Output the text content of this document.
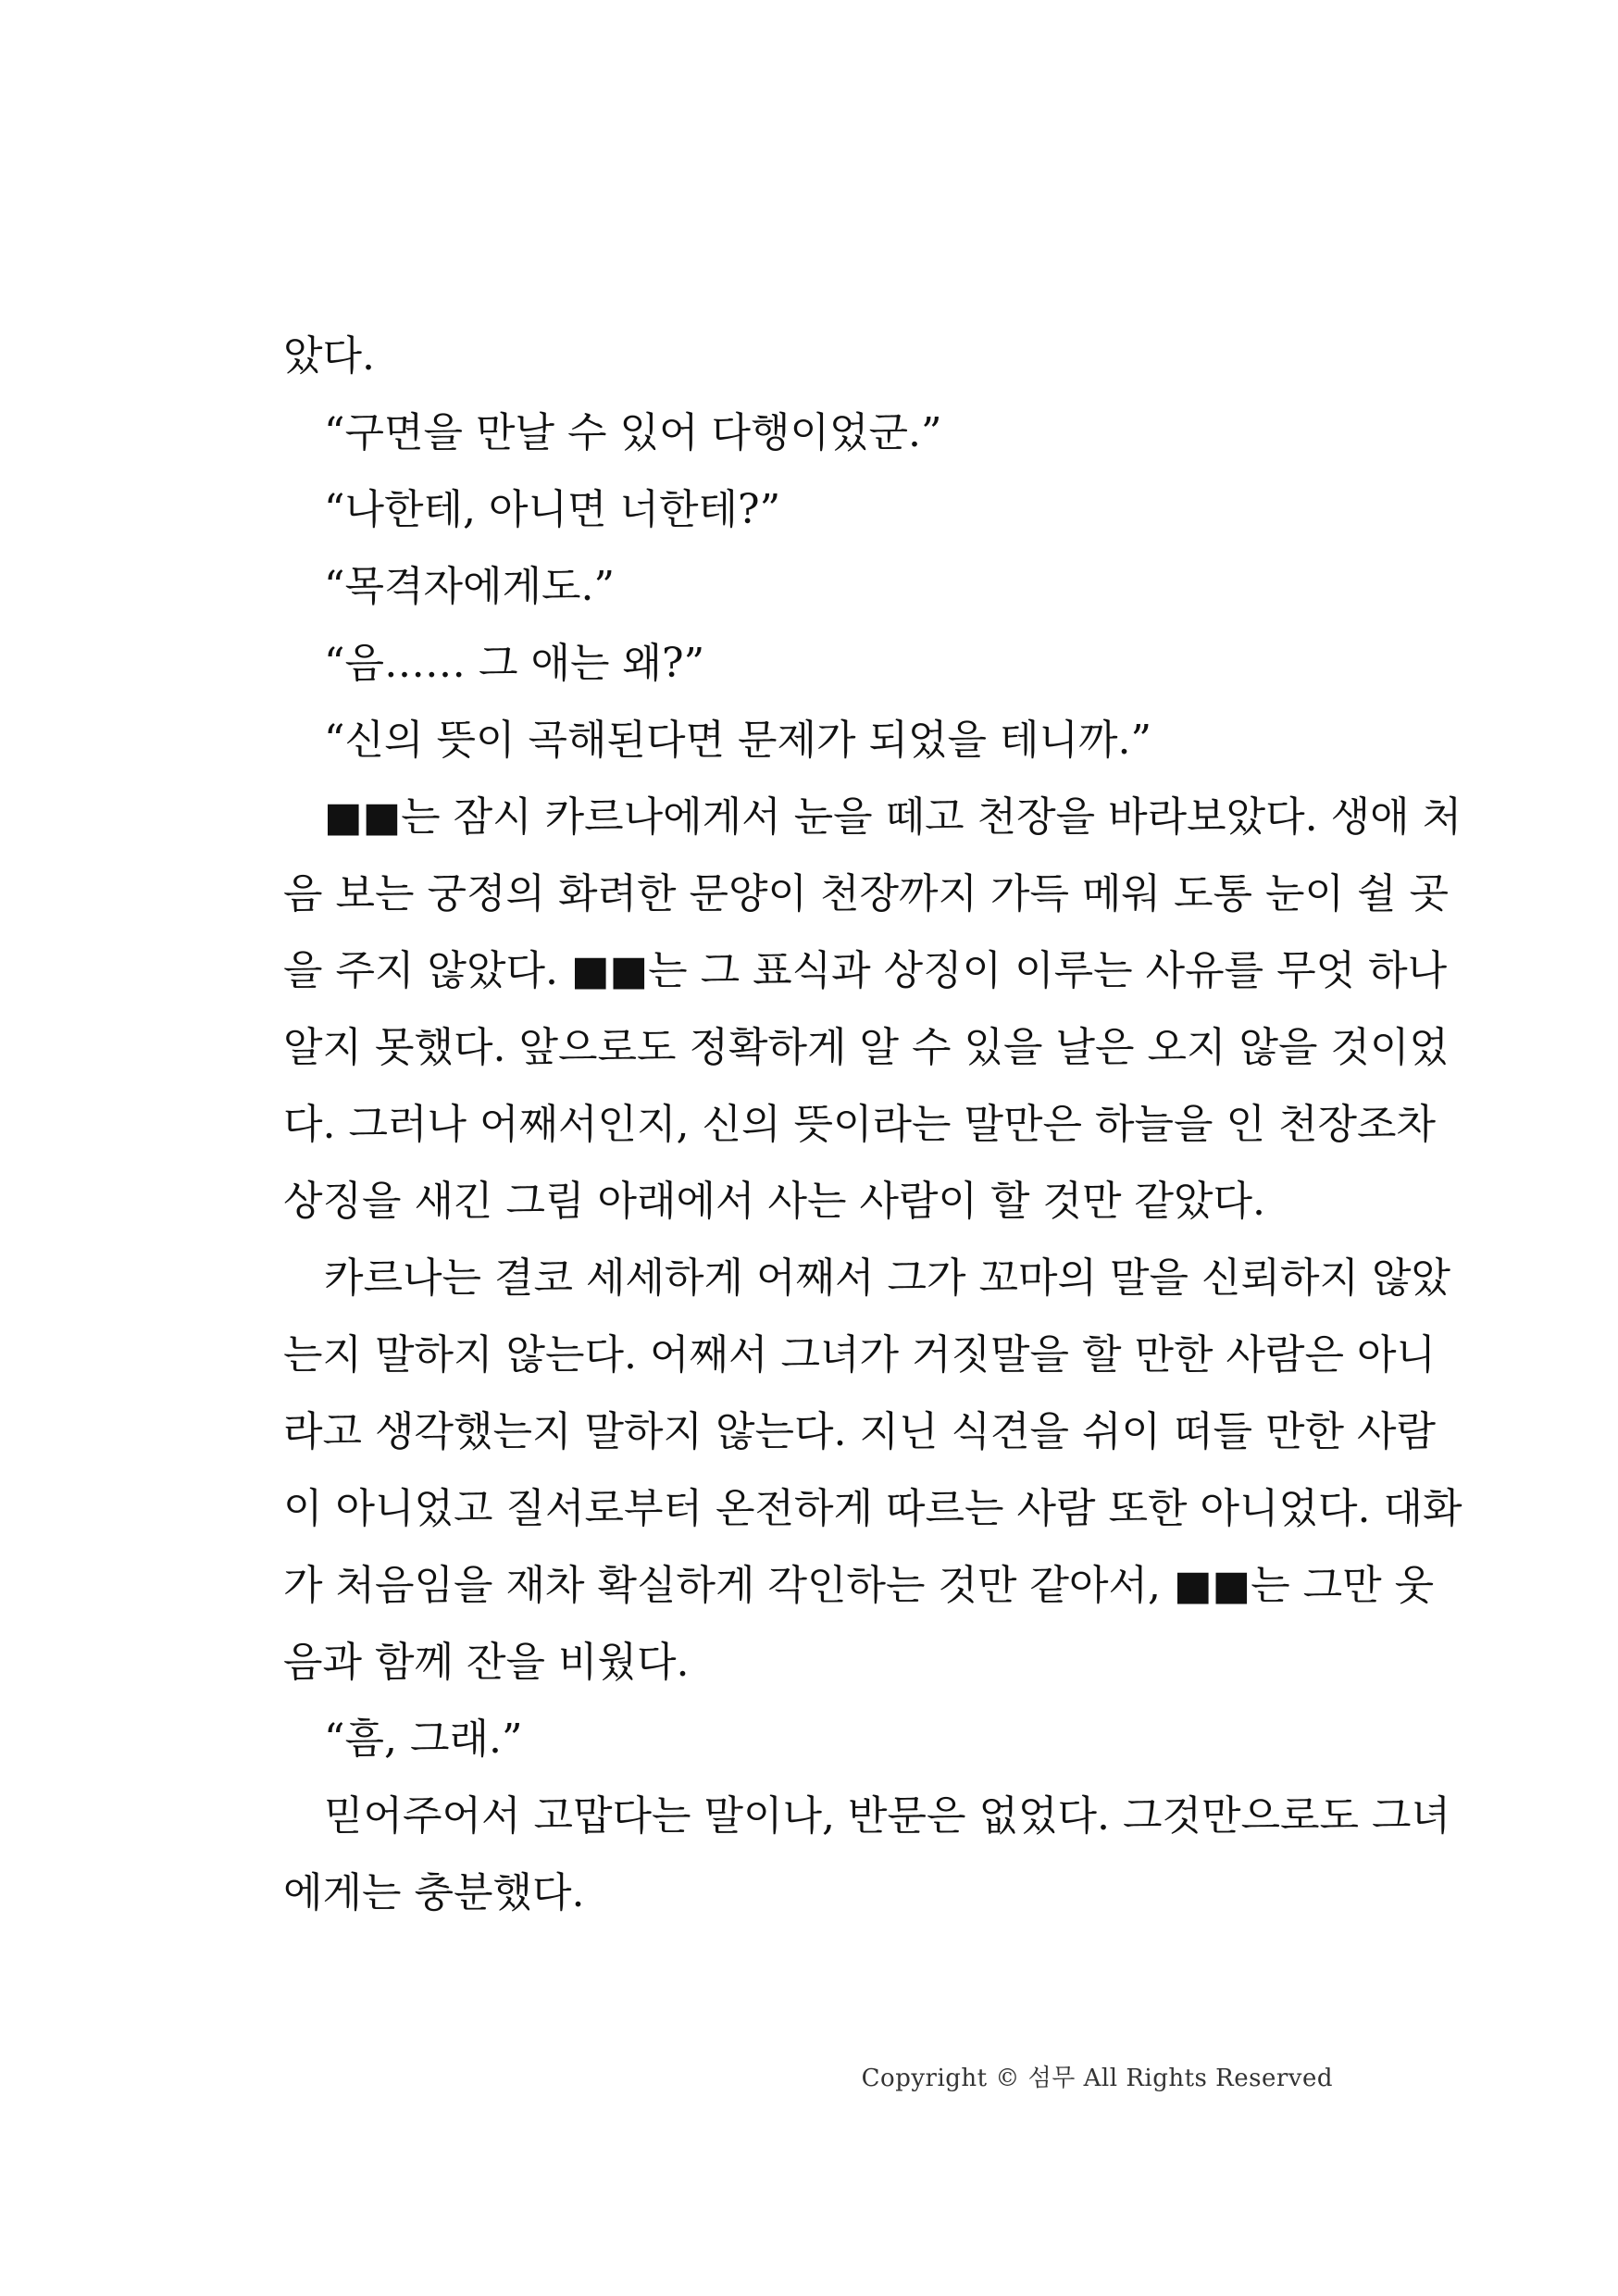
았다.
“구면을 만날 수 있어 다행이었군.”
“나한테, 아니면 너한테?”
“목격자에게도.”
“음…… 그 애는 왜?”
“신의 뜻이 곡해된다면 문제가 되었을 테니까.”
■■는 잠시 카르나에게서 눈을 떼고 천장을 바라보았다. 생애 처
음 보는 궁정의 화려한 문양이 천장까지 가득 메워 도통 눈이 쉴 곳
을 주지 않았다. ■■는 그 표식과 상징이 이루는 사유를 무엇 하나
알지 못했다. 앞으로도 정확하게 알 수 있을 날은 오지 않을 것이었
다. 그러나 어째서인지, 신의 뜻이라는 말만은 하늘을 인 천장조차
상징을 새긴 그림 아래에서 사는 사람이 할 것만 같았다.
카르나는 결코 세세하게 어째서 그가 꼬마의 말을 신뢰하지 않았
는지 말하지 않는다. 어째서 그녀가 거짓말을 할 만한 사람은 아니
라고 생각했는지 말하지 않는다. 지닌 식견을 쉬이 떠들 만한 사람
이 아니었고 질서로부터 온전하게 따르는 사람 또한 아니었다. 대화
가 처음임을 재차 확실하게 각인하는 것만 같아서, ■■는 그만 웃
음과 함께 잔을 비웠다.
“흠, 그래.”
믿어주어서 고맙다는 말이나, 반문은 없었다. 그것만으로도 그녀
에게는 충분했다.
Copyright © 섬무 All Rights Reserved
